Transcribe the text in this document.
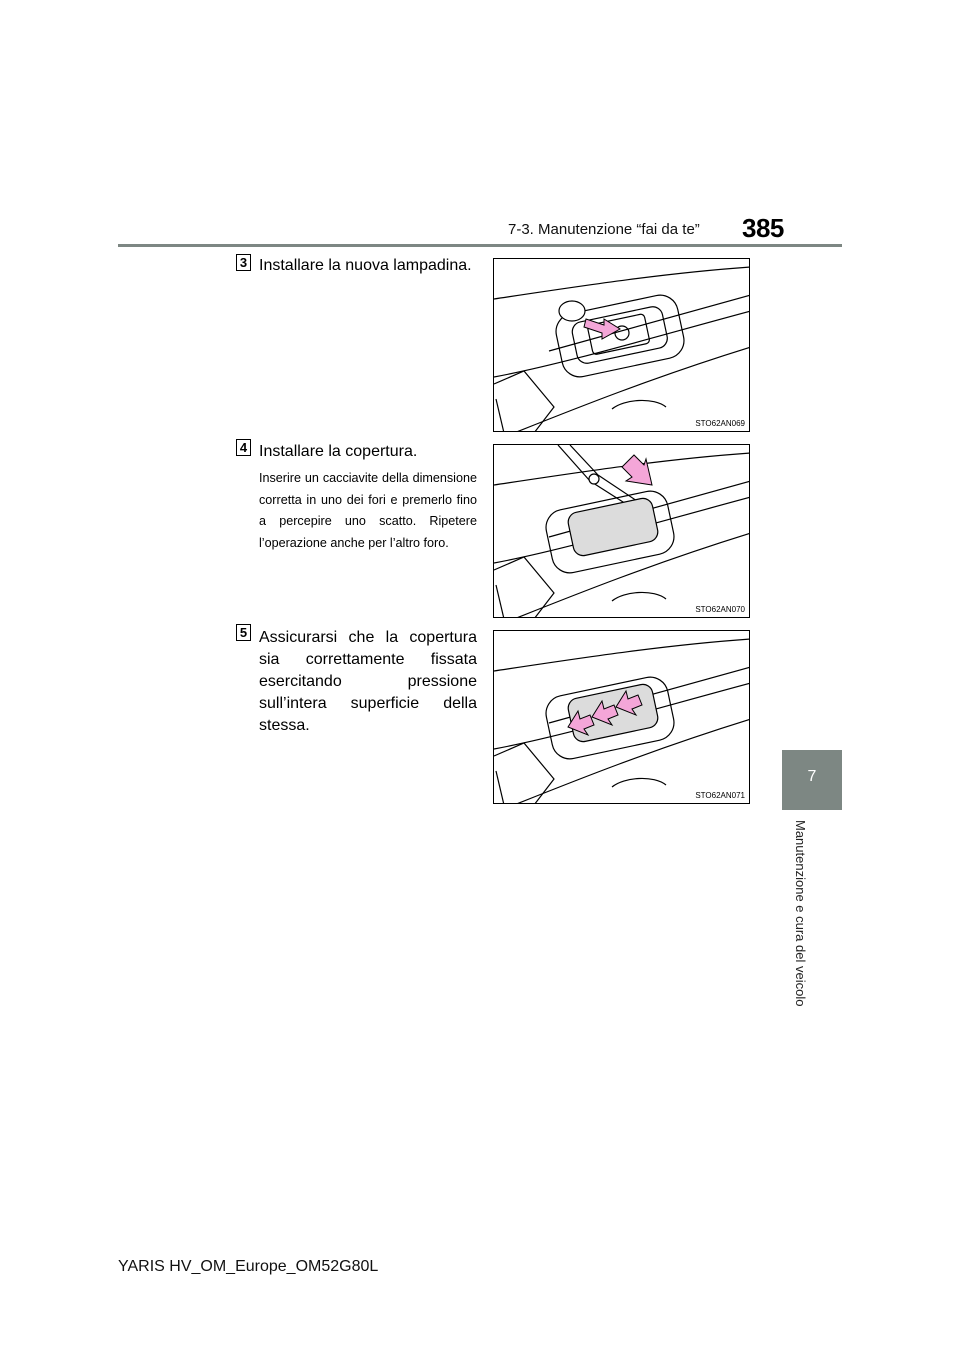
7-3. Manutenzione “fai da te” 385
7
Manutenzione e cura del veicolo
3 Installare la nuova lampadina.
STO62AN069
4 Installare la copertura.
Inserire un cacciavite della dimensione corretta in uno dei fori e premerlo fino a percepire uno scatto. Ripetere l’operazione anche per l’altro foro.
STO62AN070
5 Assicurarsi che la copertura sia correttamente fissata esercitando pressione sull’intera superficie della stessa.
STO62AN071
YARIS HV_OM_Europe_OM52G80L
